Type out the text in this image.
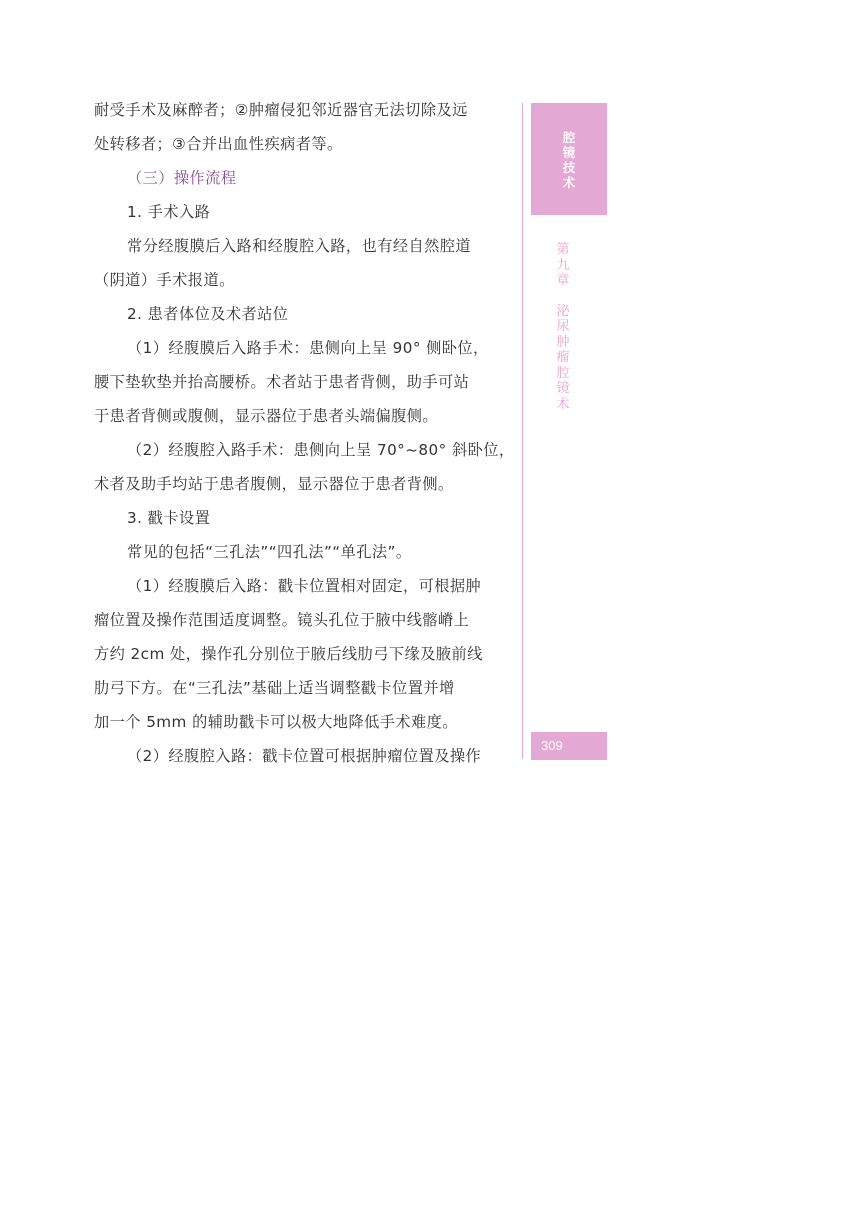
耐受手术及麻醉者；②肿瘤侵犯邻近器官无法切除及远
处转移者；③合并出血性疾病者等。
（三）操作流程
1. 手术入路
常分经腹膜后入路和经腹腔入路，也有经自然腔道
（阴道）手术报道。
2. 患者体位及术者站位
（1）经腹膜后入路手术：患侧向上呈 90° 侧卧位，
腰下垫软垫并抬高腰桥。术者站于患者背侧，助手可站
于患者背侧或腹侧，显示器位于患者头端偏腹侧。
（2）经腹腔入路手术：患侧向上呈 70°~80° 斜卧位，
术者及助手均站于患者腹侧，显示器位于患者背侧。
3. 戳卡设置
常见的包括“三孔法”“四孔法”“单孔法”。
（1）经腹膜后入路：戳卡位置相对固定，可根据肿
瘤位置及操作范围适度调整。镜头孔位于腋中线髂嵴上
方约 2cm 处，操作孔分别位于腋后线肋弓下缘及腋前线
肋弓下方。在“三孔法”基础上适当调整戳卡位置并增
加一个 5mm 的辅助戳卡可以极大地降低手术难度。
（2）经腹腔入路：戳卡位置可根据肿瘤位置及操作
腔
镜
技
术
第
九
章
泌
尿
肿
瘤
腔
镜
术
309
